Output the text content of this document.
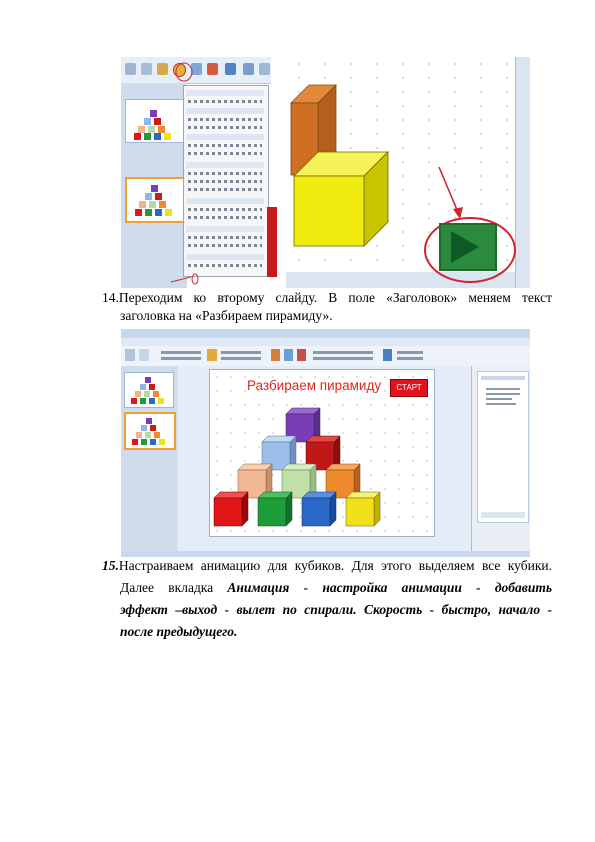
14.Переходим ко второму слайду. В поле «Заголовок» меняем текст
заголовка на «Разбираем пирамиду».
Разбираем пирамиду	СТАРТ
15.Настраиваем анимацию для кубиков. Для этого выделяем все кубики.
Далее вкладка Анимация - настройка анимации - добавить
эффект –выход - вылет по спирали. Скорость - быстро, начало -
после предыдущего.
